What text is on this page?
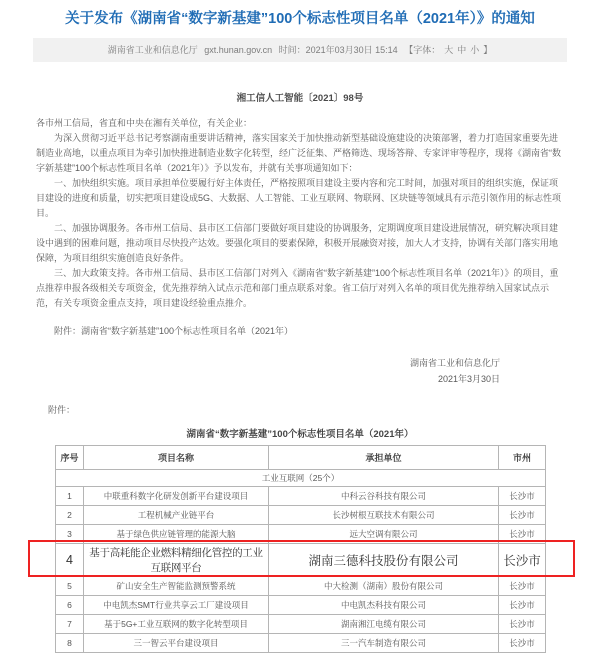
关于发布《湖南省“数字新基建”100个标志性项目名单（2021年）》的通知
湖南省工业和信息化厅 gxt.hunan.gov.cn 时间：2021年03月30日 15:14 【字体： 大 中 小 】
湘工信人工智能〔2021〕98号

各市州工信局，省直和中央在湘有关单位，有关企业：

为深入贯彻习近平总书记考察湖南重要讲话精神，落实国家关于加快推动新型基础设施建设的决策部署，着力打造国家重要先进制造业高地，以重点项目为牵引加快推进制造业数字化转型，经广泛征集、严格筛选、现场答辩、专家评审等程序，现将《湖南省“数字新基建”100个标志性项目名单（2021年）》予以发布，并就有关事项通知如下：

一、加快组织实施。项目承担单位要履行好主体责任，严格按照项目建设主要内容和完工时间，加强对项目的组织实施，保证项目建设的进度和质量，切实把项目建设成5G、大数据、人工智能、工业互联网、物联网、区块链等领域具有示范引领作用的标志性项目。

二、加强协调服务。各市州工信局、县市区工信部门要做好项目建设的协调服务，定期调度项目建设进展情况，研究解决项目建设中遇到的困难问题，推动项目尽快投产达效。要强化项目的要素保障，积极开展融资对接，加大人才支持，协调有关部门落实用地保障，为项目组织实施创造良好条件。

三、加大政策支持。各市州工信局、县市区工信部门对列入《湖南省“数字新基建”100个标志性项目名单（2021年）》的项目，重点推荐申报各级相关专项资金，优先推荐纳入试点示范和部门重点联系对象。省工信厅对列入名单的项目优先推荐纳入国家试点示范，有关专项资金重点支持，项目建设经验重点推介。

附件：湖南省“数字新基建”100个标志性项目名单（2021年）

湖南省工业和信息化厅
2021年3月30日
附件：
湖南省“数字新基建”100个标志性项目名单（2021年）
序号	项目名称	承担单位	市州
工业互联网（25个）			
1	中联重科数字化研发创新平台建设项目	中科云谷科技有限公司	长沙市
2	工程机械产业链平台	长沙树根互联技术有限公司	长沙市
3	基于绿色供应链管理的能源大脑	远大空调有限公司	长沙市
4	基于高耗能企业燃料精细化管控的工业互联网平台	湖南三德科技股份有限公司	长沙市
5	矿山安全生产智能监测预警系统	中大检测（湖南）股份有限公司	长沙市
6	中电凯杰SMT行业共享云工厂建设项目	中电凯杰科技有限公司	长沙市
7	基于5G+工业互联网的数字化转型项目	湖南湘江电缆有限公司	长沙市
8	三一智云平台建设项目	三一汽车制造有限公司	长沙市
